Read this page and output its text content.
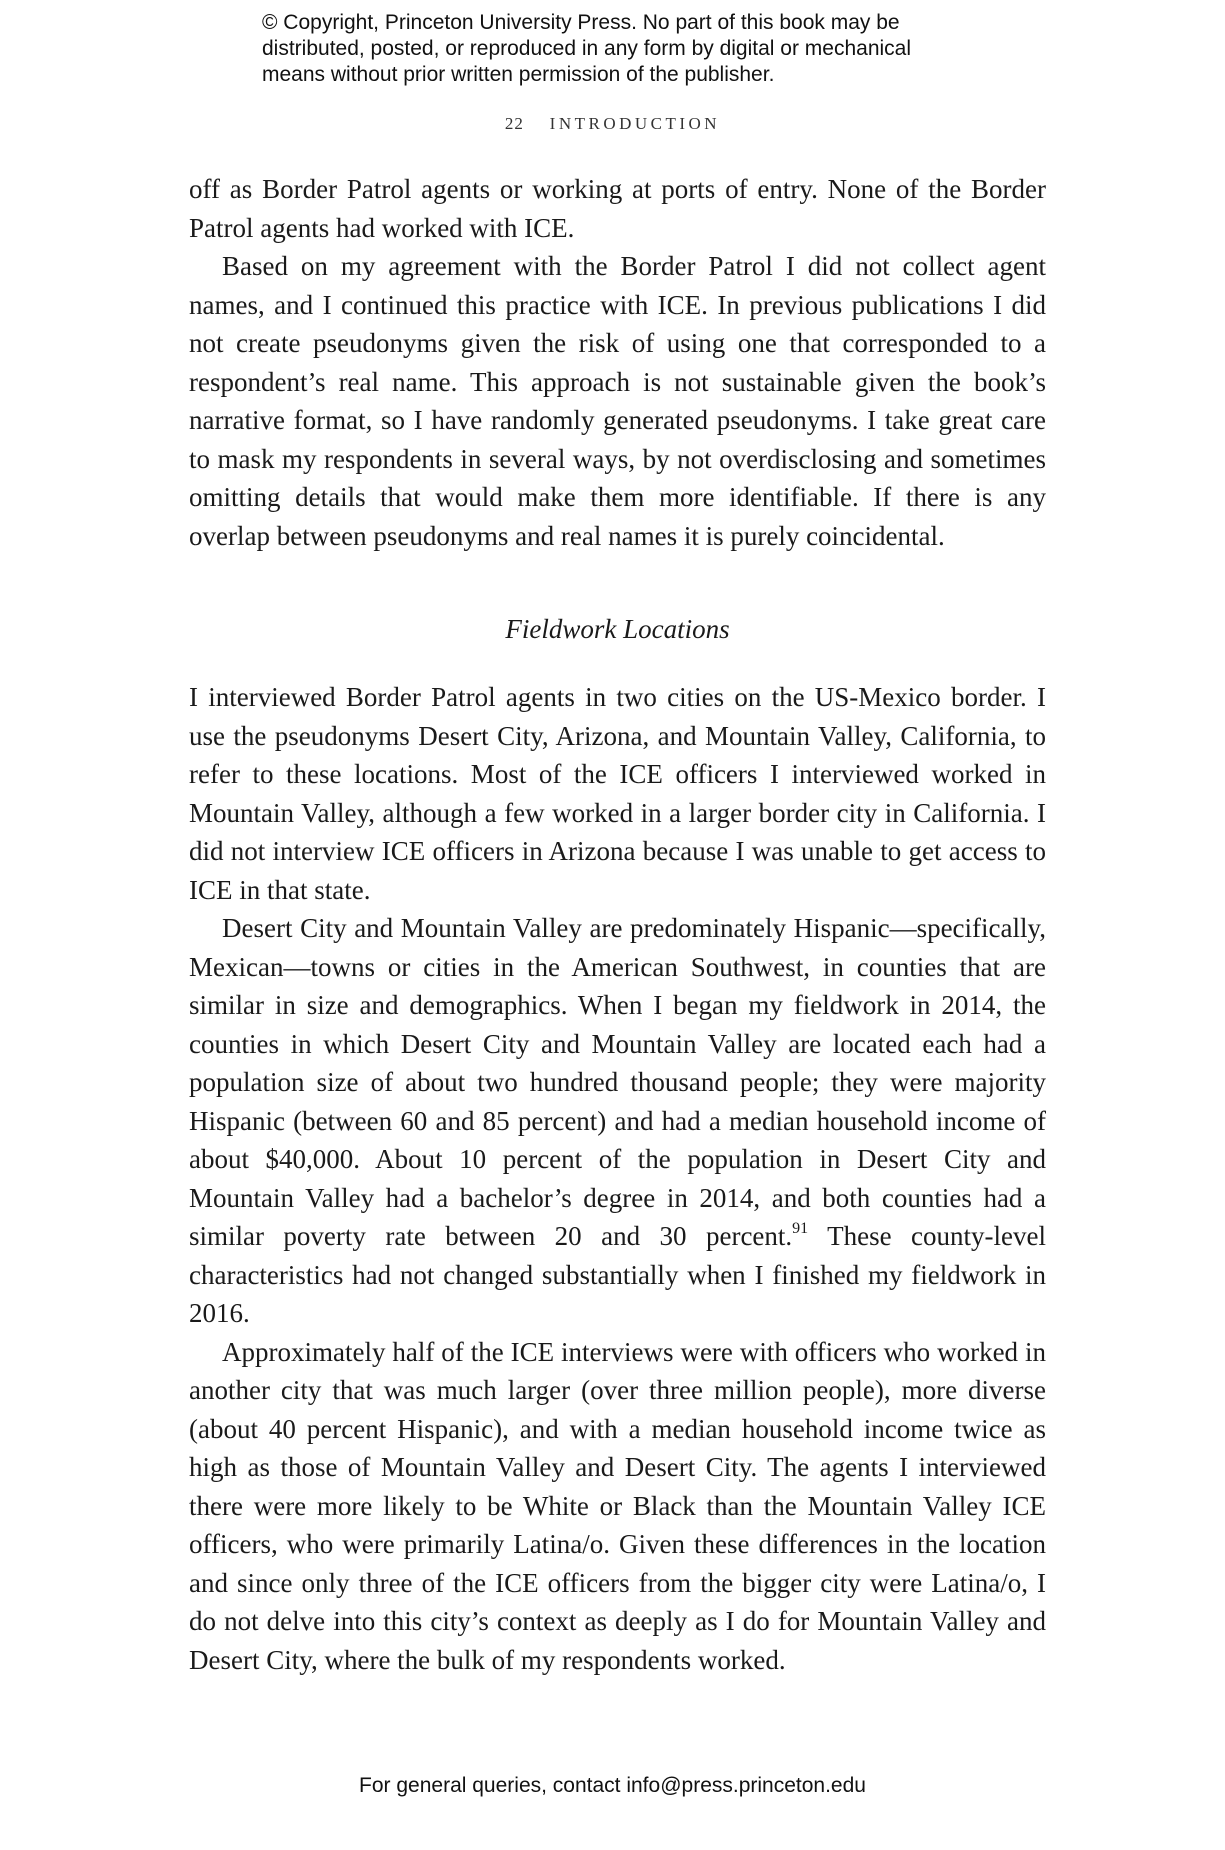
© Copyright, Princeton University Press. No part of this book may be
distributed, posted, or reproduced in any form by digital or mechanical
means without prior written permission of the publisher.
22 INTRODUCTION

off as Border Patrol agents or working at ports of entry. None of the Border Patrol agents had worked with ICE.

Based on my agreement with the Border Patrol I did not collect agent names, and I continued this practice with ICE. In previous publications I did not create pseudonyms given the risk of using one that corresponded to a respondent’s real name. This approach is not sustainable given the book’s narrative format, so I have randomly generated pseudonyms. I take great care to mask my respondents in several ways, by not overdisclosing and sometimes omitting details that would make them more identifiable. If there is any overlap between pseudonyms and real names it is purely coincidental.

Fieldwork Locations

I interviewed Border Patrol agents in two cities on the US-Mexico border. I use the pseudonyms Desert City, Arizona, and Mountain Valley, California, to refer to these locations. Most of the ICE officers I interviewed worked in Mountain Valley, although a few worked in a larger border city in California. I did not interview ICE officers in Arizona because I was unable to get access to ICE in that state.

Desert City and Mountain Valley are predominately Hispanic—specifically, Mexican—towns or cities in the American Southwest, in counties that are similar in size and demographics. When I began my fieldwork in 2014, the counties in which Desert City and Mountain Valley are located each had a population size of about two hundred thousand people; they were majority Hispanic (between 60 and 85 percent) and had a median household income of about $40,000. About 10 percent of the population in Desert City and Mountain Valley had a bachelor’s degree in 2014, and both counties had a similar poverty rate between 20 and 30 percent.$^{91}$ These county-level characteristics had not changed substantially when I finished my fieldwork in 2016.

Approximately half of the ICE interviews were with officers who worked in another city that was much larger (over three million people), more diverse (about 40 percent Hispanic), and with a median household income twice as high as those of Mountain Valley and Desert City. The agents I interviewed there were more likely to be White or Black than the Mountain Valley ICE officers, who were primarily Latina/o. Given these differences in the location and since only three of the ICE officers from the bigger city were Latina/o, I do not delve into this city’s context as deeply as I do for Mountain Valley and Desert City, where the bulk of my respondents worked.

For general queries, contact info@press.princeton.edu
